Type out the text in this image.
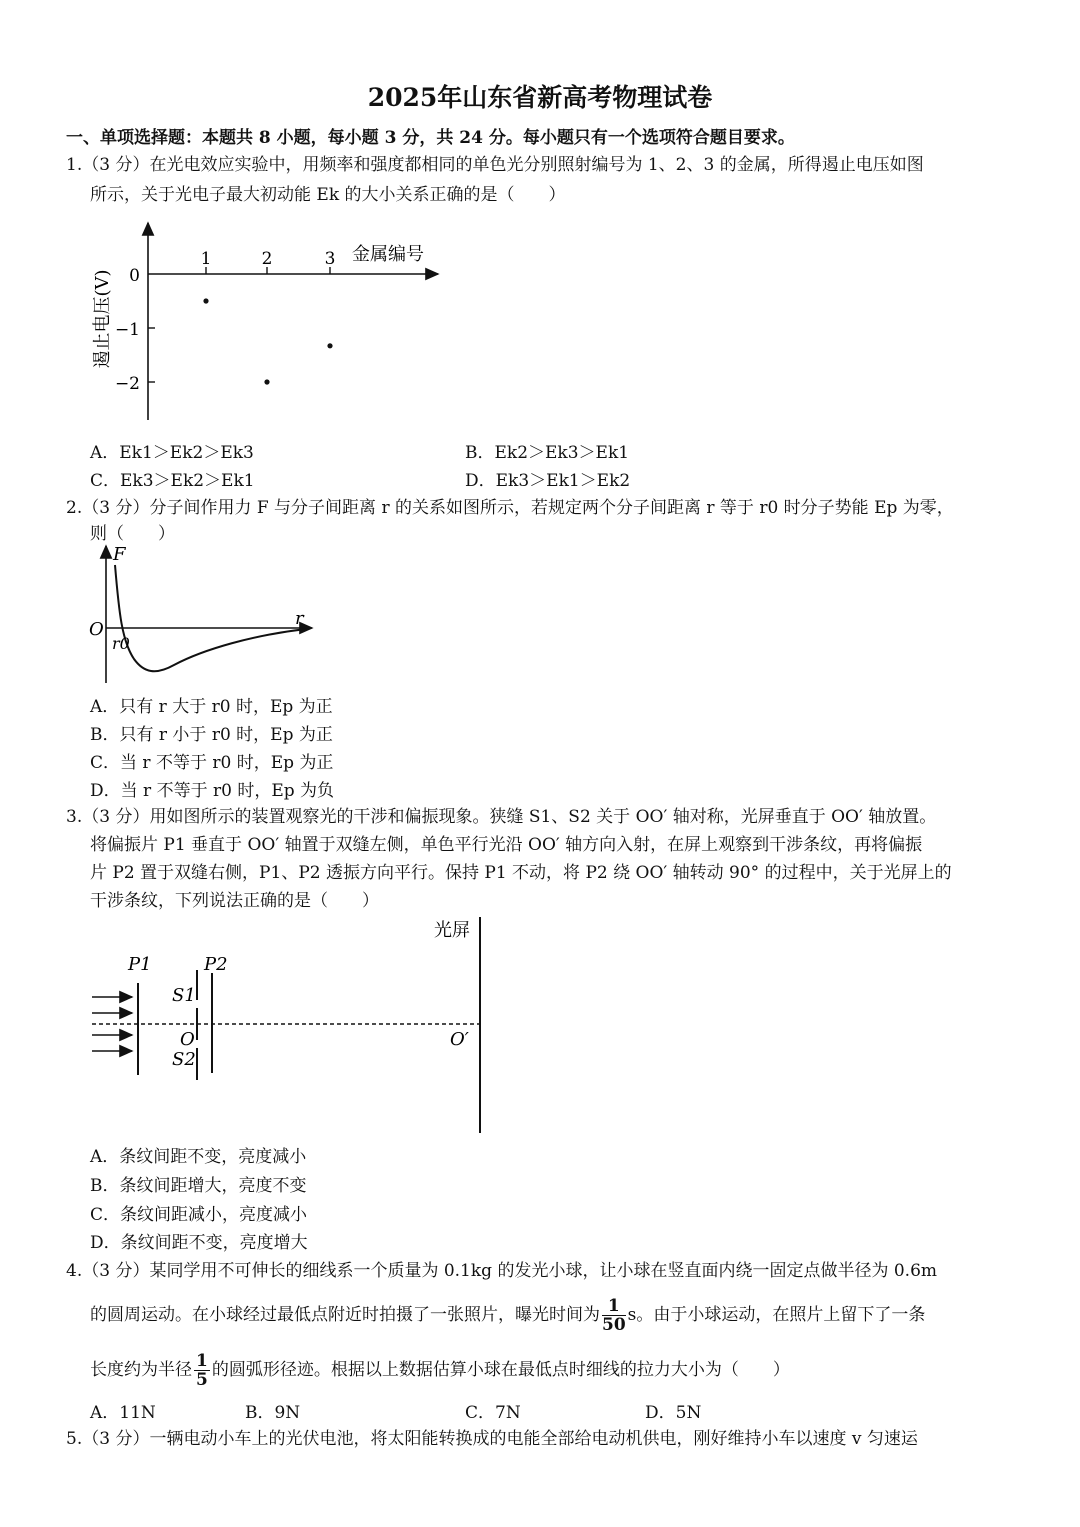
2025年山东省新高考物理试卷
一、单项选择题：本题共 8 小题，每小题 3 分，共 24 分。每小题只有一个选项符合题目要求。
1.（3 分）在光电效应实验中，用频率和强度都相同的单色光分别照射编号为 1、2、3 的金属，所得遏止电压如图
所示，关于光电子最大初动能 Ek 的大小关系正确的是（　　）
0
−1
−2
1	2	3 金属编号
遏止电压(V)
A．Ek1＞Ek2＞Ek3	B．Ek2＞Ek3＞Ek1
C．Ek3＞Ek2＞Ek1	D．Ek3＞Ek1＞Ek2
2.（3 分）分子间作用力 F 与分子间距离 r 的关系如图所示，若规定两个分子间距离 r 等于 r0 时分子势能 Ep 为零，
则（　　）
F
r
O
r0
A．只有 r 大于 r0 时，Ep 为正
B．只有 r 小于 r0 时，Ep 为正
C．当 r 不等于 r0 时，Ep 为正
D．当 r 不等于 r0 时，Ep 为负
3.（3 分）用如图所示的装置观察光的干涉和偏振现象。狭缝 S1、S2 关于 OO′ 轴对称，光屏垂直于 OO′ 轴放置。
将偏振片 P1 垂直于 OO′ 轴置于双缝左侧，单色平行光沿 OO′ 轴方向入射，在屏上观察到干涉条纹，再将偏振
片 P2 置于双缝右侧，P1、P2 透振方向平行。保持 P1 不动，将 P2 绕 OO′ 轴转动 90° 的过程中，关于光屏上的
干涉条纹，下列说法正确的是（　　）
光屏
P1	P2
S1
O
S2
O′
A．条纹间距不变，亮度减小
B．条纹间距增大，亮度不变
C．条纹间距减小，亮度减小
D．条纹间距不变，亮度增大
4.（3 分）某同学用不可伸长的细线系一个质量为 0.1kg 的发光小球，让小球在竖直面内绕一固定点做半径为 0.6m
的圆周运动。在小球经过最低点附近时拍摄了一张照片，曝光时间为 $\frac{1}{50}$ s。由于小球运动，在照片上留下了一条
长度约为半径 $\frac{1}{5}$ 的圆弧形径迹。根据以上数据估算小球在最低点时细线的拉力大小为（　　）
A．11N	B．9N	C．7N	D．5N
5.（3 分）一辆电动小车上的光伏电池，将太阳能转换成的电能全部给电动机供电，刚好维持小车以速度 v 匀速运
